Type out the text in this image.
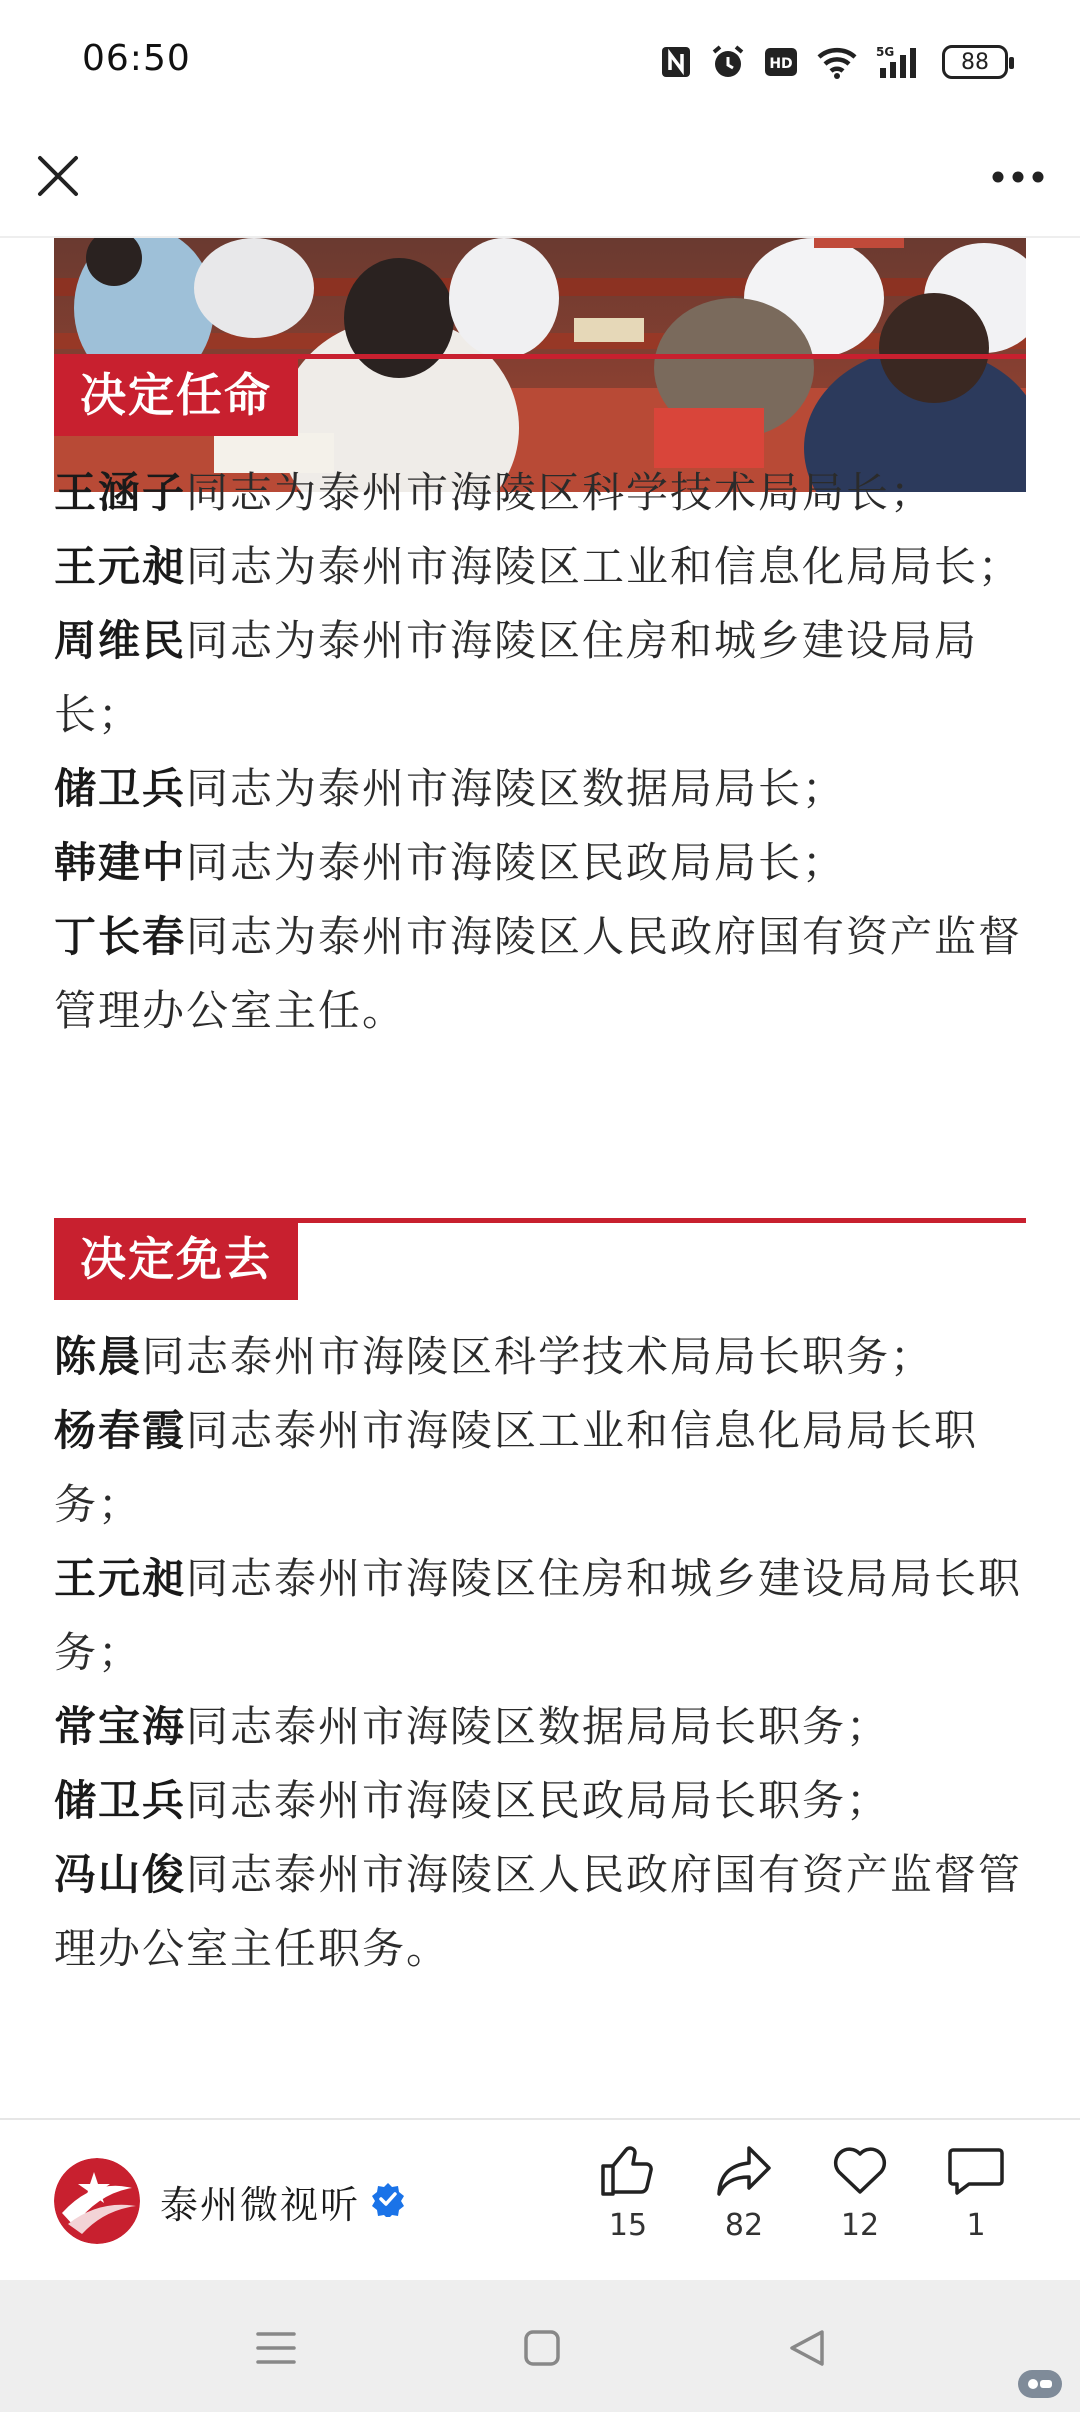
06:50	HD
5G	88
决定任命

王涵子同志为泰州市海陵区科学技术局局长；

王元昶同志为泰州市海陵区工业和信息化局局长；

周维民同志为泰州市海陵区住房和城乡建设局局长；

储卫兵同志为泰州市海陵区数据局局长；

韩建中同志为泰州市海陵区民政局局长；

丁长春同志为泰州市海陵区人民政府国有资产监督管理办公室主任。

决定免去

陈晨同志泰州市海陵区科学技术局局长职务；

杨春霞同志泰州市海陵区工业和信息化局局长职务；

王元昶同志泰州市海陵区住房和城乡建设局局长职务；

常宝海同志泰州市海陵区数据局局长职务；

储卫兵同志泰州市海陵区民政局局长职务；

冯山俊同志泰州市海陵区人民政府国有资产监督管理办公室主任职务。

泰州微视听	15	82	12	1
